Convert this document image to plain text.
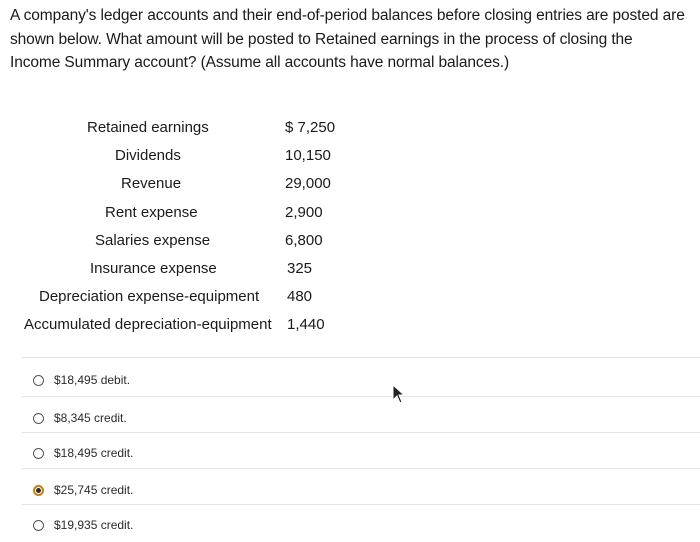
A company's ledger accounts and their end-of-period balances before closing entries are posted are
shown below. What amount will be posted to Retained earnings in the process of closing the
Income Summary account? (Assume all accounts have normal balances.)
Retained earnings	$ 7,250
Dividends	10,150
Revenue	29,000
Rent expense	2,900
Salaries expense	6,800
Insurance expense	325
Depreciation expense-equipment 480
Accumulated depreciation-equipment 1,440
$18,495 debit.
$8,345 credit.
$18,495 credit.
$25,745 credit.
$19,935 credit.
